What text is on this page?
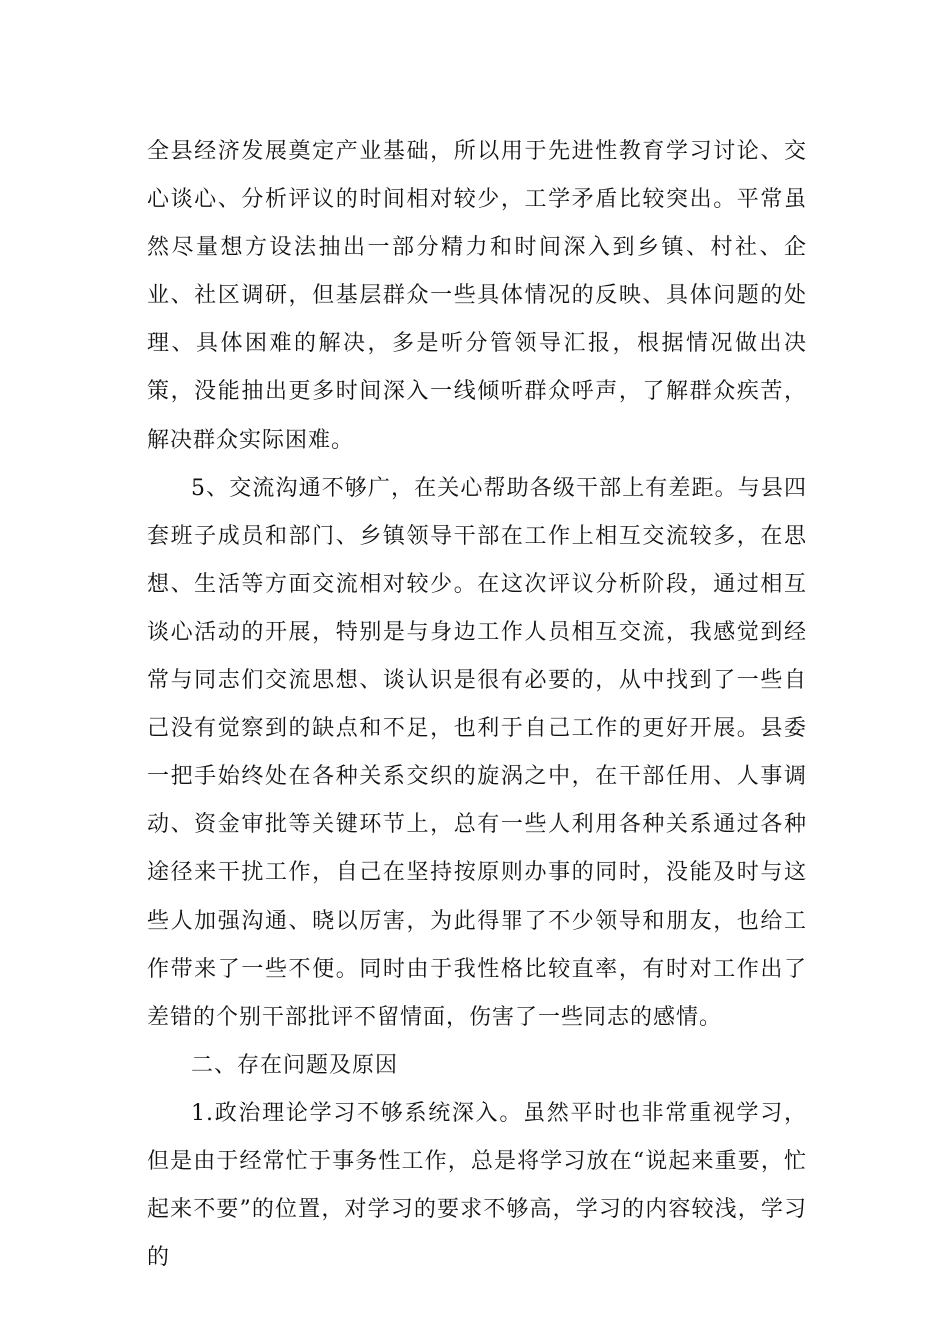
全县经济发展奠定产业基础，所以用于先进性教育学习讨论、交心谈心、分析评议的时间相对较少，工学矛盾比较突出。平常虽然尽量想方设法抽出一部分精力和时间深入到乡镇、村社、企业、社区调研，但基层群众一些具体情况的反映、具体问题的处理、具体困难的解决，多是听分管领导汇报，根据情况做出决策，没能抽出更多时间深入一线倾听群众呼声，了解群众疾苦，解决群众实际困难。

5、交流沟通不够广，在关心帮助各级干部上有差距。与县四套班子成员和部门、乡镇领导干部在工作上相互交流较多，在思想、生活等方面交流相对较少。在这次评议分析阶段，通过相互谈心活动的开展，特别是与身边工作人员相互交流，我感觉到经常与同志们交流思想、谈认识是很有必要的，从中找到了一些自己没有觉察到的缺点和不足，也利于自己工作的更好开展。县委一把手始终处在各种关系交织的旋涡之中，在干部任用、人事调动、资金审批等关键环节上，总有一些人利用各种关系通过各种途径来干扰工作，自己在坚持按原则办事的同时，没能及时与这些人加强沟通、晓以厉害，为此得罪了不少领导和朋友，也给工作带来了一些不便。同时由于我性格比较直率，有时对工作出了差错的个别干部批评不留情面，伤害了一些同志的感情。

二、存在问题及原因

1.政治理论学习不够系统深入。虽然平时也非常重视学习，但是由于经常忙于事务性工作，总是将学习放在“说起来重要，忙起来不要”的位置，对学习的要求不够高，学习的内容较浅，学习的
